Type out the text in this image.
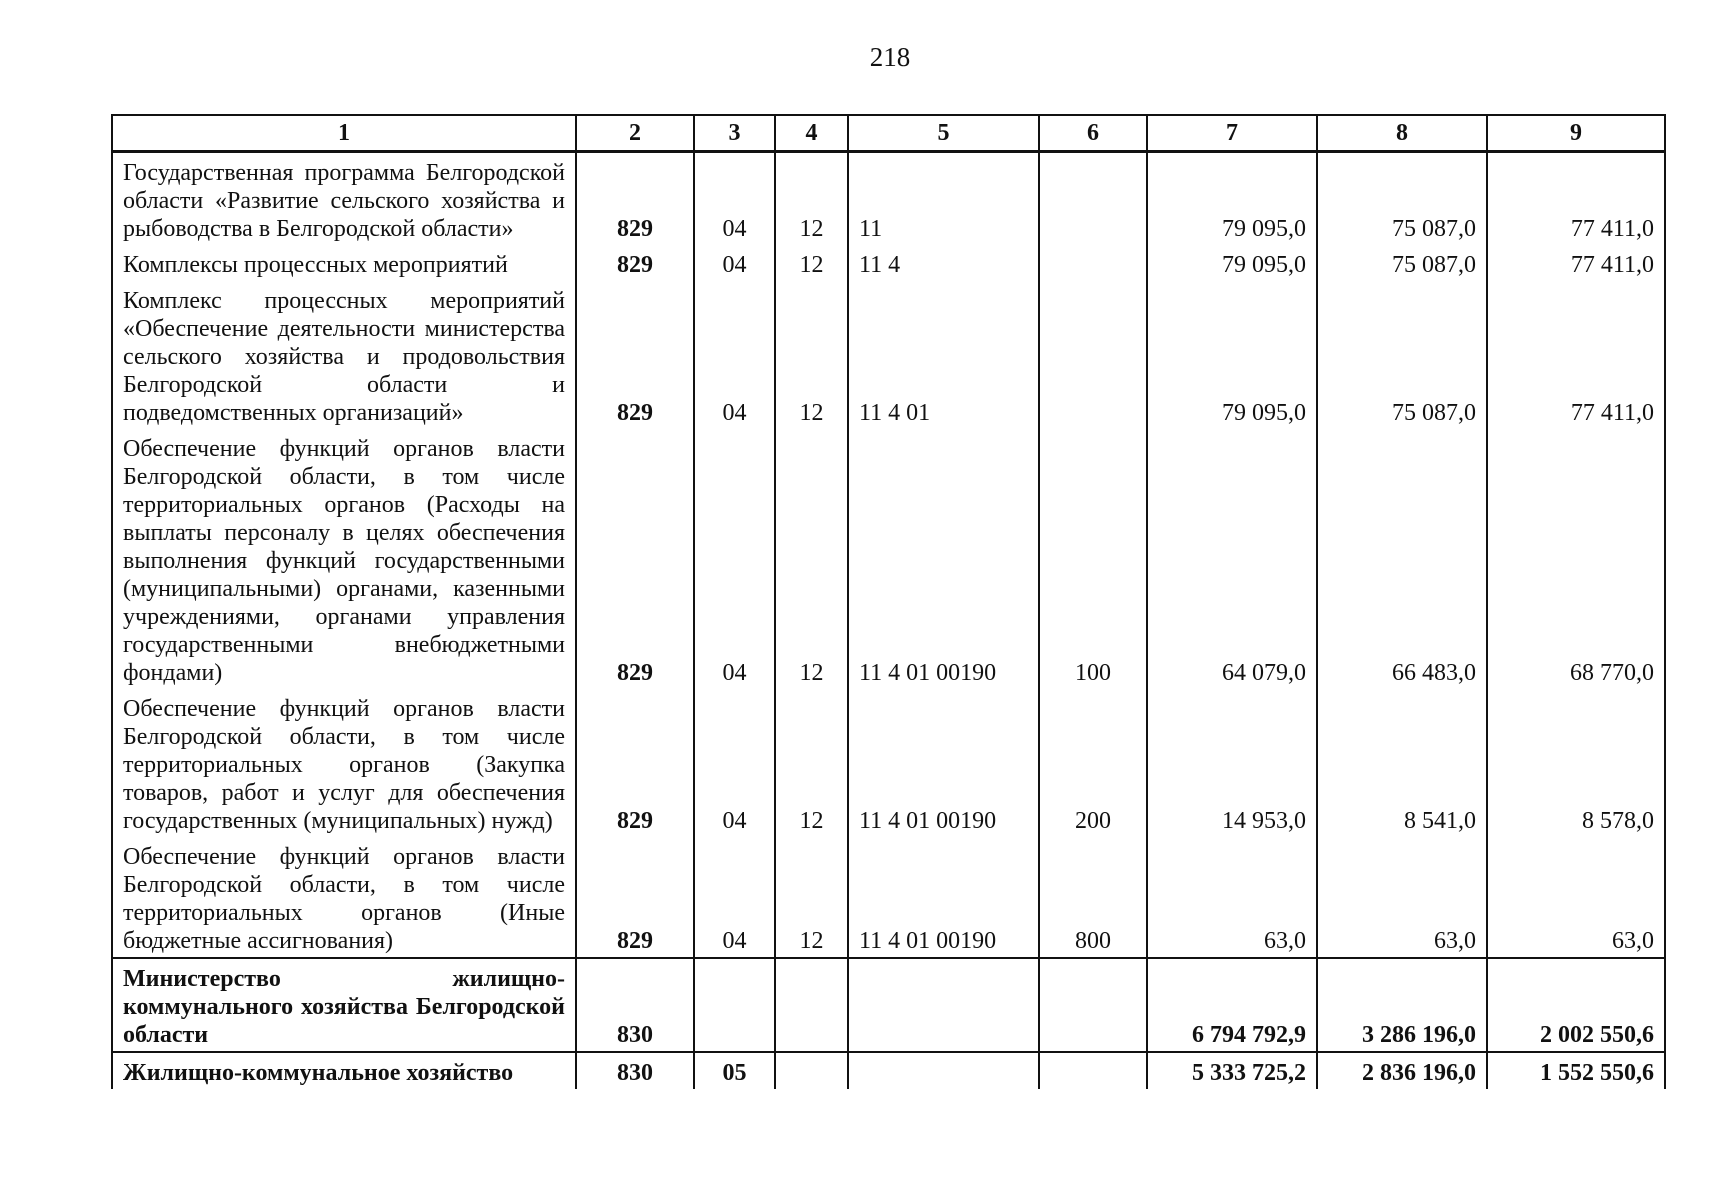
218
1	2	3	4	5	6	7	8	9
Государственная программа Белгородской области «Развитие сельского хозяйства и рыбоводства в Белгородской области»	829	04	12	11		79 095,0	75 087,0	77 411,0
Комплексы процессных мероприятий	829	04	12	11 4		79 095,0	75 087,0	77 411,0
Комплекс процессных мероприятий «Обеспечение деятельности министерства сельского хозяйства и продовольствия Белгородской области и подведомственных организаций»	829	04	12	11 4 01		79 095,0	75 087,0	77 411,0
Обеспечение функций органов власти Белгородской области, в том числе территориальных органов (Расходы на выплаты персоналу в целях обеспечения выполнения функций государственными (муниципальными) органами, казенными учреждениями, органами управления государственными внебюджетными фондами)	829	04	12	11 4 01 00190	100	64 079,0	66 483,0	68 770,0
Обеспечение функций органов власти Белгородской области, в том числе территориальных органов (Закупка товаров, работ и услуг для обеспечения государственных (муниципальных) нужд)	829	04	12	11 4 01 00190	200	14 953,0	8 541,0	8 578,0
Обеспечение функций органов власти Белгородской области, в том числе территориальных органов (Иные бюджетные ассигнования)	829	04	12	11 4 01 00190	800	63,0	63,0	63,0
Министерство жилищно-коммунального хозяйства Белгородской области	830					6 794 792,9	3 286 196,0	2 002 550,6
Жилищно-коммунальное хозяйство	830	05				5 333 725,2	2 836 196,0	1 552 550,6
